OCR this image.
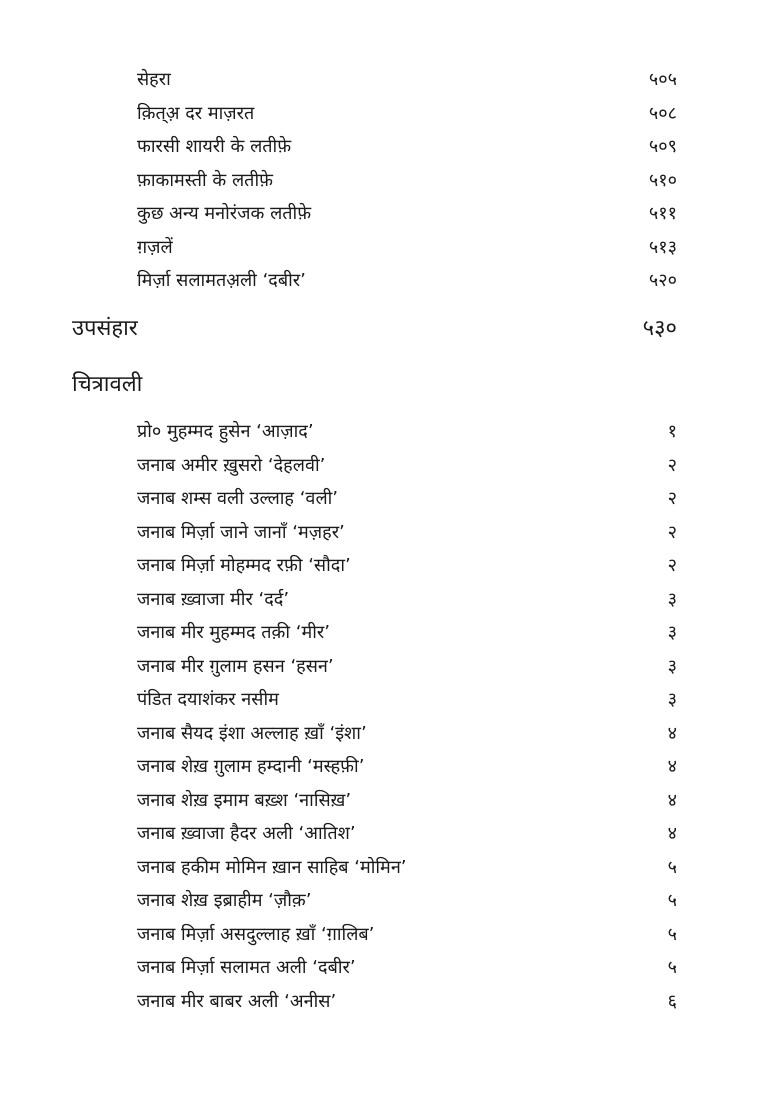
सेहरा	५०५
क़ित्अ़ दर माज़रत	५०८
फारसी शायरी के लतीफ़े	५०९
फ़ाकामस्ती के लतीफ़े	५१०
कुछ अन्य मनोरंजक लतीफ़े	५११
ग़ज़लें	५१३
मिर्ज़ा सलामतअ़ली ‘दबीर’	५२०
उपसंहार	५३०
चित्रावली
प्रो० मुहम्मद हुसेन ‘आज़ाद’	१
जनाब अमीर ख़ुसरो ‘देहलवी’	२
जनाब शम्स वली उल्लाह ‘वली’	२
जनाब मिर्ज़ा जाने जानाँ ‘मज़हर’	२
जनाब मिर्ज़ा मोहम्मद रफ़ी ‘सौदा’	२
जनाब ख़्वाजा मीर ‘दर्द’	३
जनाब मीर मुहम्मद तक़ी ‘मीर’	३
जनाब मीर ग़ुलाम हसन ‘हसन’	३
पंडित दयाशंकर नसीम	३
जनाब सैयद इंशा अल्लाह ख़ाँ ‘इंशा’	४
जनाब शेख़ ग़ुलाम हम्दानी ‘मस्हफ़ी’	४
जनाब शेख़ इमाम बख़्श ‘नासिख़’	४
जनाब ख़्वाजा हैदर अली ‘आतिश’	४
जनाब हकीम मोमिन ख़ान साहिब ‘मोमिन’	५
जनाब शेख़ इब्राहीम ‘ज़ौक़’	५
जनाब मिर्ज़ा असदुल्लाह ख़ाँ ‘ग़ालिब’	५
जनाब मिर्ज़ा सलामत अली ‘दबीर’	५
जनाब मीर बाबर अली ‘अनीस’	६
